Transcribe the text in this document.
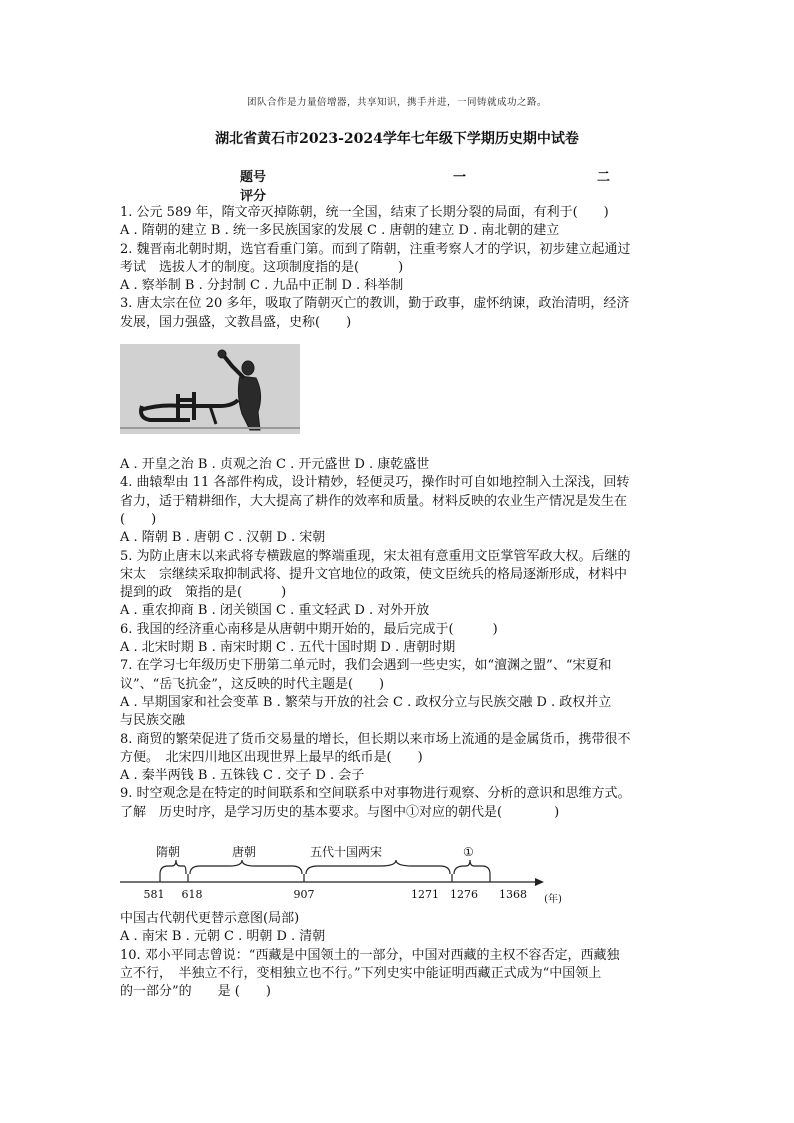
团队合作是力量倍增器，共享知识，携手并进，一同铸就成功之路。
湖北省黄石市2023-2024学年七年级下学期历史期中试卷
题号	一	二
评分

1. 公元 589 年，隋文帝灭掉陈朝，统一全国，结束了长期分裂的局面，有利于(　　)

A . 隋朝的建立 B . 统一多民族国家的发展 C . 唐朝的建立 D . 南北朝的建立

2. 魏晋南北朝时期，选官看重门第。而到了隋朝，注重考察人才的学识，初步建立起通过

考试　选拔人才的制度。这项制度指的是(　　　)

A . 察举制 B . 分封制 C . 九品中正制 D . 科举制

3. 唐太宗在位 20 多年，吸取了隋朝灭亡的教训，勤于政事，虚怀纳谏，政治清明，经济

发展，国力强盛，文教昌盛，史称(　　)

A . 开皇之治 B . 贞观之治 C . 开元盛世 D . 康乾盛世

4. 曲辕犁由 11 各部件构成，设计精妙，轻便灵巧，操作时可自如地控制入土深浅，回转

省力，适于精耕细作，大大提高了耕作的效率和质量。材料反映的农业生产情况是发生在

(　　)

A . 隋朝 B . 唐朝 C . 汉朝 D . 宋朝

5. 为防止唐末以来武将专横跋扈的弊端重现，宋太祖有意重用文臣掌管军政大权。后继的

宋太　宗继续采取抑制武将、提升文官地位的政策，使文臣统兵的格局逐渐形成，材料中

提到的政　策指的是(　　　)

A . 重农抑商 B . 闭关锁国 C . 重文轻武 D . 对外开放

6. 我国的经济重心南移是从唐朝中期开始的，最后完成于(　　　)

A . 北宋时期 B . 南宋时期 C . 五代十国时期 D . 唐朝时期

7. 在学习七年级历史下册第二单元时，我们会遇到一些史实，如“澶渊之盟”、“宋夏和

议”、“岳飞抗金”，这反映的时代主题是(　　)

A . 早期国家和社会变革 B . 繁荣与开放的社会 C . 政权分立与民族交融 D . 政权并立

与民族交融

8. 商贸的繁荣促进了货币交易量的增长，但长期以来市场上流通的是金属货币，携带很不

方便。　北宋四川地区出现世界上最早的纸币是(　　)

A . 秦半两钱 B . 五铢钱 C . 交子 D . 会子

9. 时空观念是在特定的时间联系和空间联系中对事物进行观察、分析的意识和思维方式。

了解　历史时序，是学习历史的基本要求。与图中①对应的朝代是(　　　　)

隋朝	唐朝	五代十国两宋	①
581 618	907	1271 1276 1368 (年)

中国古代朝代更替示意图(局部)

A . 南宋 B . 元朝 C . 明朝 D . 清朝

10. 邓小平同志曾说：“西藏是中国领土的一部分，中国对西藏的主权不容否定，西藏独

立不行，　半独立不行，变相独立也不行。”下列史实中能证明西藏正式成为“中国领上

的一部分”的　　是 (　　)
